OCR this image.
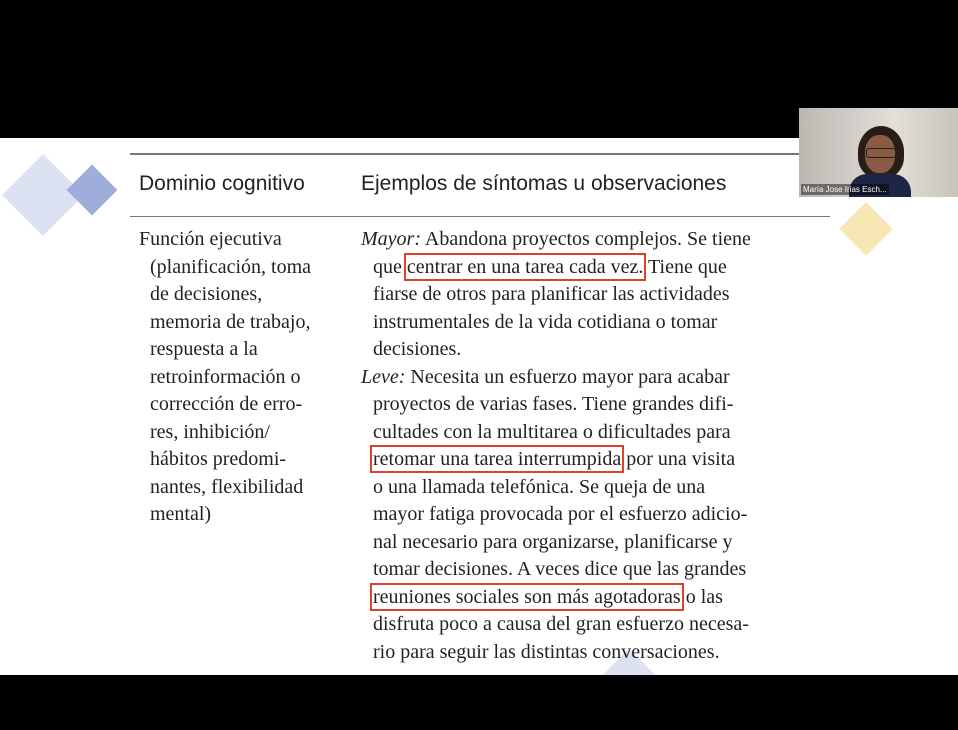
Dominio cognitivo	Ejemplos de síntomas u observaciones
Función ejecutiva
(planificación, toma
de decisiones,
memoria de trabajo,
respuesta a la
retroinformación o
corrección de erro-
res, inhibición/
hábitos predomi-
nantes, flexibilidad
mental)
Mayor: Abandona proyectos complejos. Se tiene
que centrar en una tarea cada vez. Tiene que
fiarse de otros para planificar las actividades
instrumentales de la vida cotidiana o tomar
decisiones.
Leve: Necesita un esfuerzo mayor para acabar
proyectos de varias fases. Tiene grandes difi-
cultades con la multitarea o dificultades para
retomar una tarea interrumpida por una visita
o una llamada telefónica. Se queja de una
mayor fatiga provocada por el esfuerzo adicio-
nal necesario para organizarse, planificarse y
tomar decisiones. A veces dice que las grandes
reuniones sociales son más agotadoras o las
disfruta poco a causa del gran esfuerzo necesa-
rio para seguir las distintas conversaciones.
María Jose Irias Esch...
